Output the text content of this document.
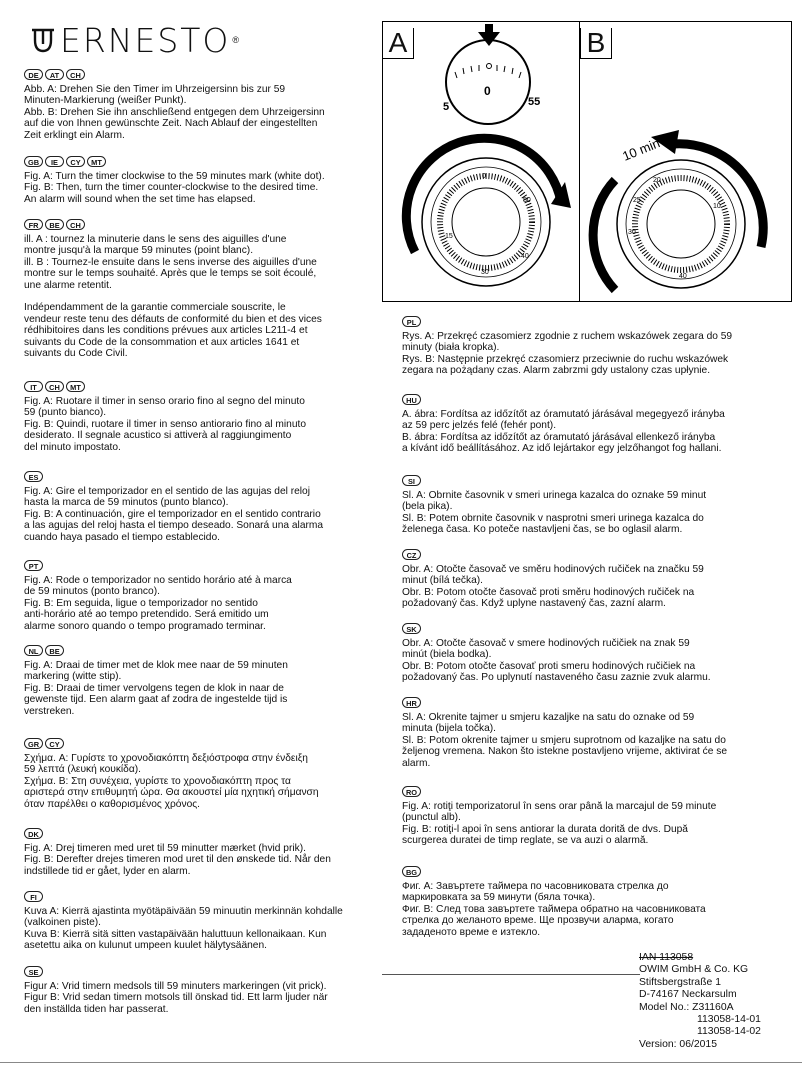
ERNESTO ®	A	B
0
5	55
0
50
15
30
40
10 min
20
25
30
10
40
DE	AT	CH

Abb. A: Drehen Sie den Timer im Uhrzeigersinn bis zur 59
Minuten-Markierung (weißer Punkt).
Abb. B: Drehen Sie ihn anschließend entgegen dem Uhrzeigersinn
auf die von Ihnen gewünschte Zeit. Nach Ablauf der eingestellten
Zeit erklingt ein Alarm.

GB	IE	CY	MT

Fig. A: Turn the timer clockwise to the 59 minutes mark (white dot).
Fig. B: Then, turn the timer counter-clockwise to the desired time.
An alarm will sound when the set time has elapsed.

FR	BE	CH

ill. A : tournez la minuterie dans le sens des aiguilles d'une
montre jusqu'à la marque 59 minutes (point blanc).
ill. B : Tournez-le ensuite dans le sens inverse des aiguilles d'une
montre sur le temps souhaité. Après que le temps se soit écoulé,
une alarme retentit.

Indépendamment de la garantie commerciale souscrite, le
vendeur reste tenu des défauts de conformité du bien et des vices
rédhibitoires dans les conditions prévues aux articles L211-4 et
suivants du Code de la consommation et aux articles 1641 et
suivants du Code Civil.

IT	CH	MT

Fig. A: Ruotare il timer in senso orario fino al segno del minuto
59 (punto bianco).
Fig. B: Quindi, ruotare il timer in senso antiorario fino al minuto
desiderato. Il segnale acustico si attiverà al raggiungimento
del minuto impostato.

ES

Fig. A: Gire el temporizador en el sentido de las agujas del reloj
hasta la marca de 59 minutos (punto blanco).
Fig. B: A continuación, gire el temporizador en el sentido contrario
a las agujas del reloj hasta el tiempo deseado. Sonará una alarma
cuando haya pasado el tiempo establecido.

PT

Fig. A: Rode o temporizador no sentido horário até à marca
de 59 minutos (ponto branco).
Fig. B: Em seguida, ligue o temporizador no sentido
anti-horário até ao tempo pretendido. Será emitido um
alarme sonoro quando o tempo programado terminar.

NL	BE

Fig. A: Draai de timer met de klok mee naar de 59 minuten
markering (witte stip).
Fig. B: Draai de timer vervolgens tegen de klok in naar de
gewenste tijd. Een alarm gaat af zodra de ingestelde tijd is
verstreken.

GR	CY

Σχήμα. A: Γυρίστε το χρονοδιακόπτη δεξιόστροφα στην ένδειξη
59 λεπτά (λευκή κουκίδα).
Σχήμα. B: Στη συνέχεια, γυρίστε το χρονοδιακόπτη προς τα
αριστερά στην επιθυμητή ώρα. Θα ακουστεί μία ηχητική σήμανση
όταν παρέλθει ο καθορισμένος χρόνος.

DK

Fig. A: Drej timeren med uret til 59 minutter mærket (hvid prik).
Fig. B: Derefter drejes timeren mod uret til den ønskede tid. Når den
indstillede tid er gået, lyder en alarm.

FI

Kuva A: Kierrä ajastinta myötäpäivään 59 minuutin merkinnän kohdalle
(valkoinen piste).
Kuva B: Kierrä sitä sitten vastapäivään haluttuun kellonaikaan. Kun
asetettu aika on kulunut umpeen kuulet hälytysäänen.

SE

Figur A: Vrid timern medsols till 59 minuters markeringen (vit prick).
Figur B: Vrid sedan timern motsols till önskad tid. Ett larm ljuder när
den inställda tiden har passerat.

PL

Rys. A: Przekręć czasomierz zgodnie z ruchem wskazówek zegara do 59
minuty (biała kropka).
Rys. B: Następnie przekręć czasomierz przeciwnie do ruchu wskazówek
zegara na pożądany czas. Alarm zabrzmi gdy ustalony czas upłynie.

HU

A. ábra: Fordítsa az időzítőt az óramutató járásával megegyező irányba
az 59 perc jelzés felé (fehér pont).
B. ábra: Fordítsa az időzítőt az óramutató járásával ellenkező irányba
a kívánt idő beállításához. Az idő lejártakor egy jelzőhangot fog hallani.

SI

Sl. A: Obrnite časovnik v smeri urinega kazalca do oznake 59 minut
(bela pika).
Sl. B: Potem obrnite časovnik v nasprotni smeri urinega kazalca do
želenega časa. Ko poteče nastavljeni čas, se bo oglasil alarm.

CZ

Obr. A: Otočte časovač ve směru hodinových ručiček na značku 59
minut (bílá tečka).
Obr. B: Potom otočte časovač proti směru hodinových ručiček na
požadovaný čas. Když uplyne nastavený čas, zazní alarm.

SK

Obr. A: Otočte časovač v smere hodinových ručičiek na znak 59
minút (biela bodka).
Obr. B: Potom otočte časovať proti smeru hodinových ručičiek na
požadovaný čas. Po uplynutí nastaveného času zaznie zvuk alarmu.

HR

Sl. A: Okrenite tajmer u smjeru kazaljke na satu do oznake od 59
minuta (bijela točka).
Sl. B: Potom okrenite tajmer u smjeru suprotnom od kazaljke na satu do
željenog vremena. Nakon što istekne postavljeno vrijeme, aktivirat će se
alarm.

RO

Fig. A: rotiţi temporizatorul în sens orar până la marcajul de 59 minute
(punctul alb).
Fig. B: rotiţi-l apoi în sens antiorar la durata dorită de dvs. După
scurgerea duratei de timp reglate, se va auzi o alarmă.

BG

Фиг. A: Завъртете таймера по часовниковата стрелка до
маркировката за 59 минути (бяла точка).
Фиг. B: След това завъртете таймера обратно на часовниковата
стрелка до желаното време. Ще прозвучи аларма, когато
зададеното време е изтекло.

IAN 113058
OWIM GmbH & Co. KG
Stiftsbergstraße 1
D-74167 Neckarsulm
Model No.: Z31160A
113058-14-01
113058-14-02
Version: 06/2015
